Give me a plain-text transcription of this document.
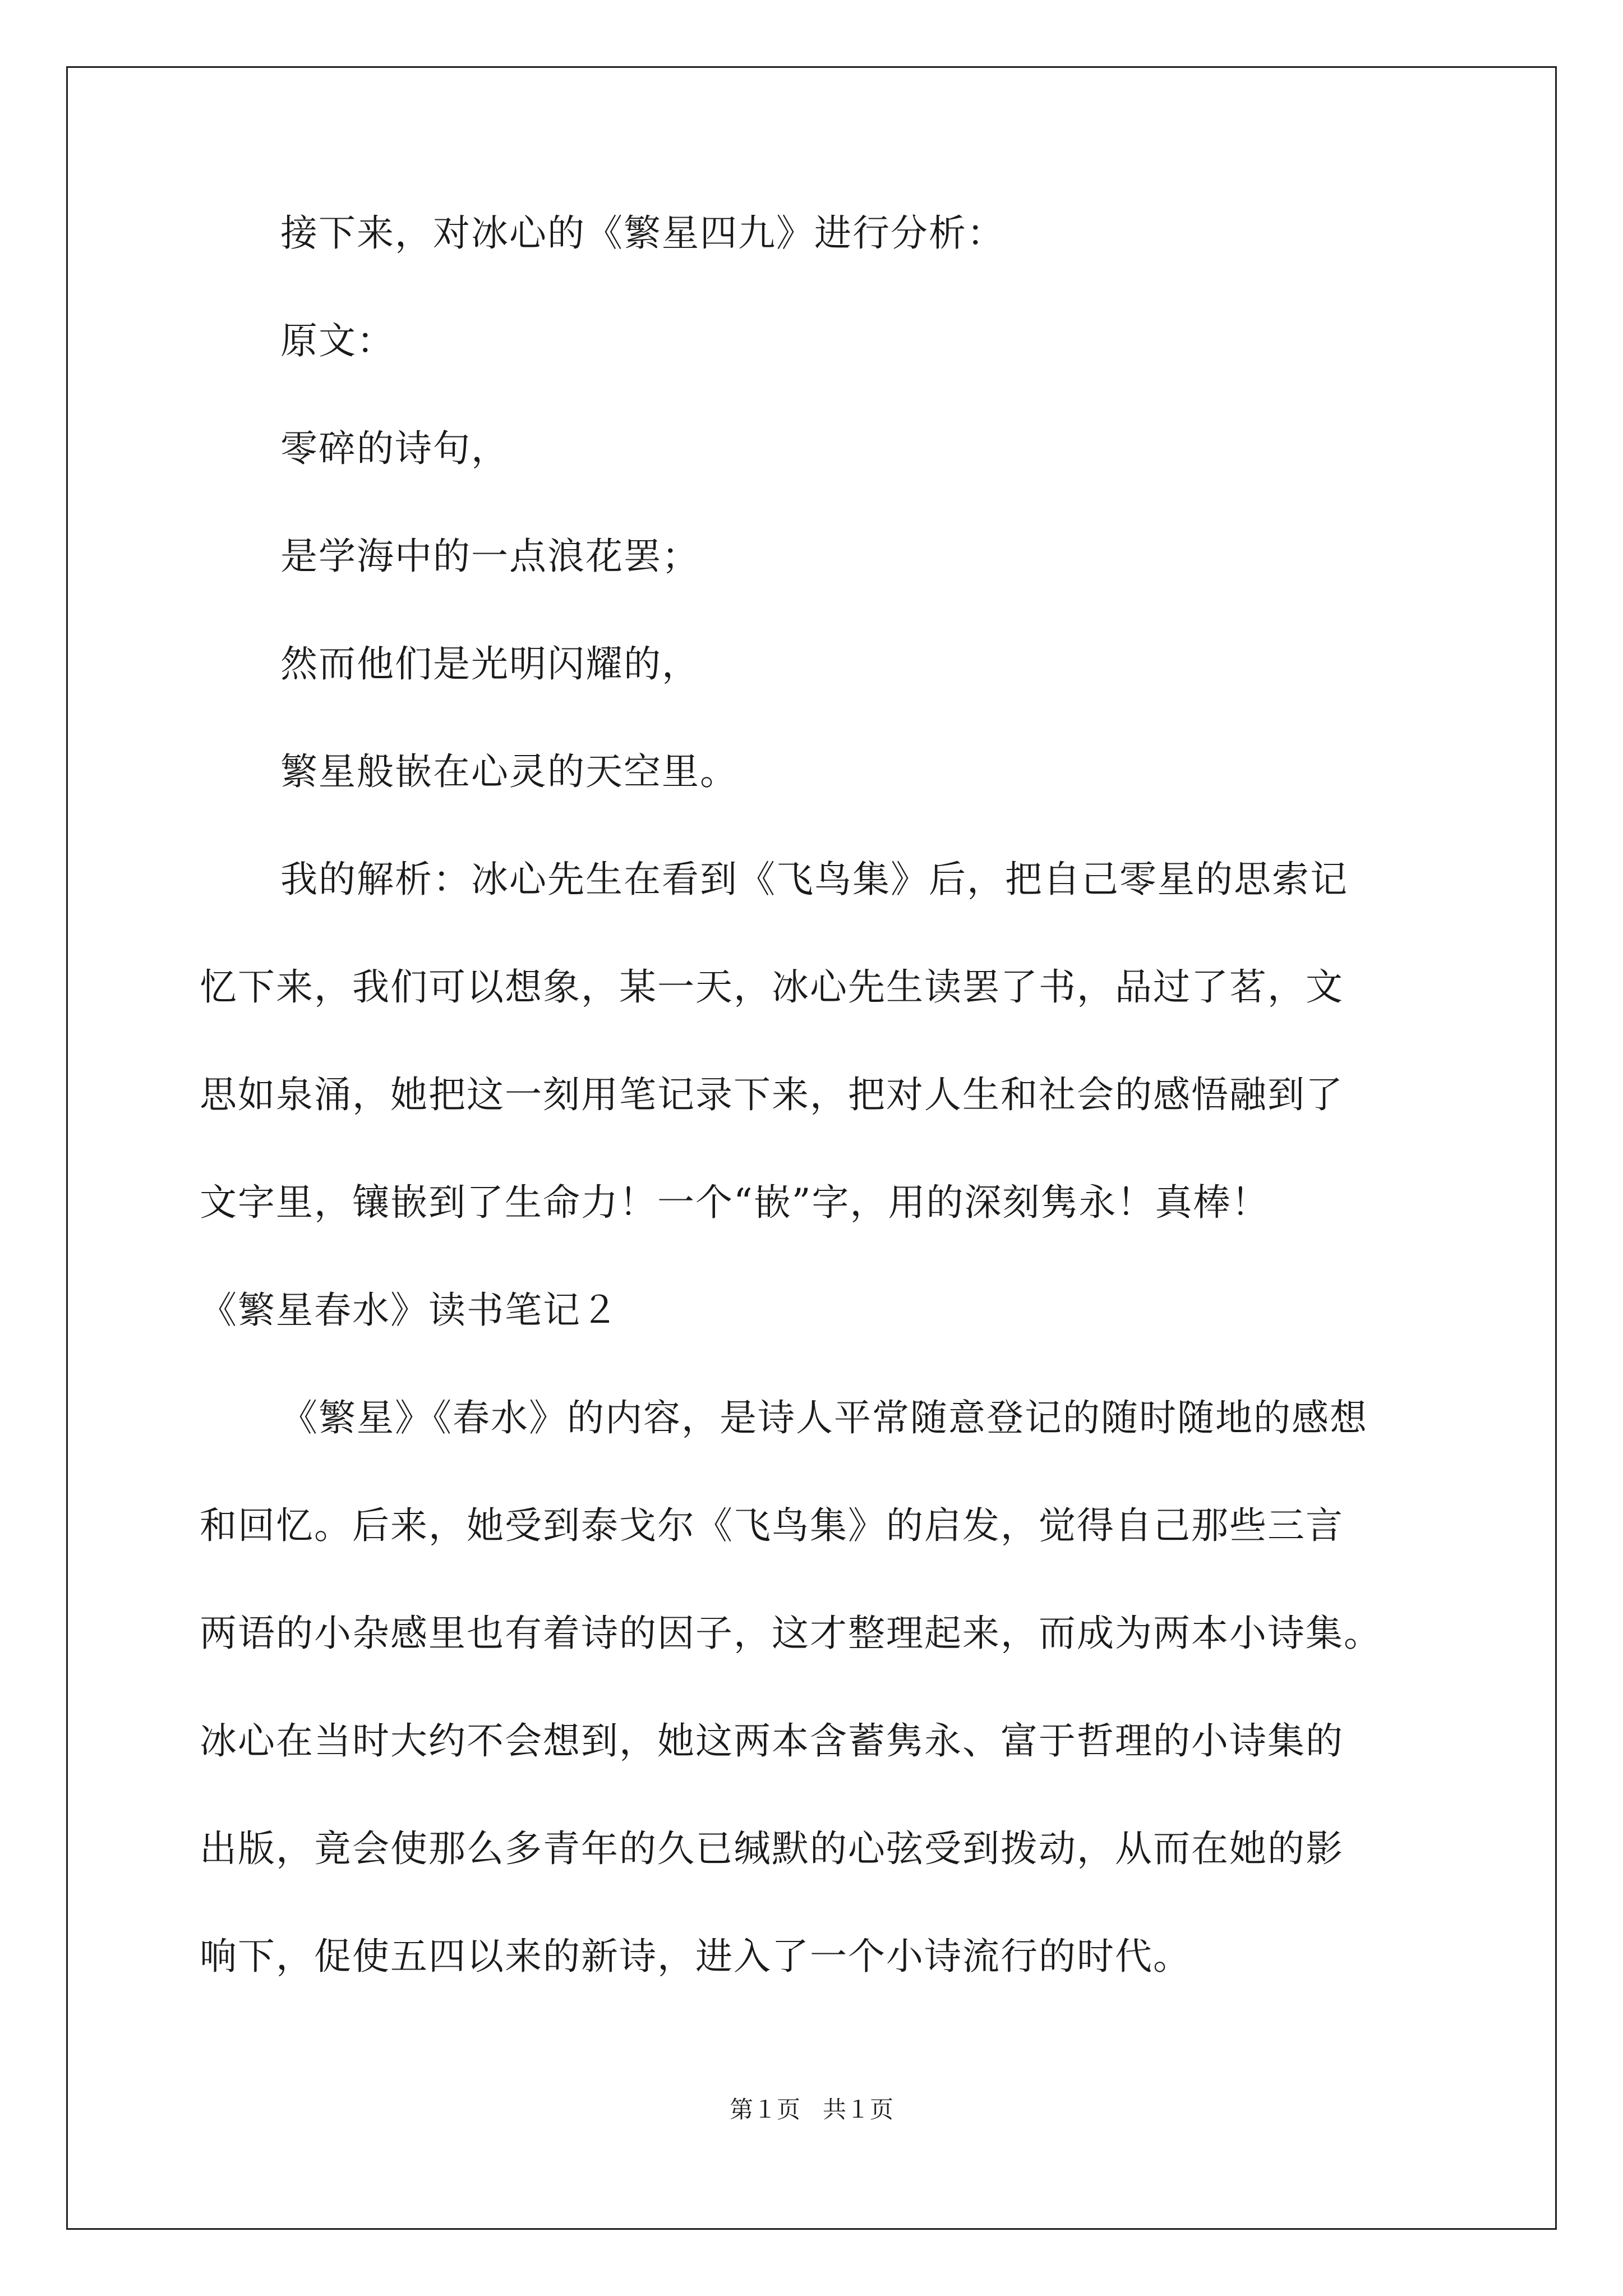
接下来，对冰心的《繁星四九》进行分析：
原文：
零碎的诗句，
是学海中的一点浪花罢；
然而他们是光明闪耀的，
繁星般嵌在心灵的天空里。
我的解析：冰心先生在看到《飞鸟集》后，把自己零星的思索记
忆下来，我们可以想象，某一天，冰心先生读罢了书，品过了茗，文
思如泉涌，她把这一刻用笔记录下来，把对人生和社会的感悟融到了
文字里，镶嵌到了生命力！一个“嵌”字，用的深刻隽永！真棒！
《繁星春水》读书笔记２
《繁星》《春水》的内容，是诗人平常随意登记的随时随地的感想
和回忆。后来，她受到泰戈尔《飞鸟集》的启发，觉得自己那些三言
两语的小杂感里也有着诗的因子，这才整理起来，而成为两本小诗集。
冰心在当时大约不会想到，她这两本含蓄隽永、富于哲理的小诗集的
出版，竟会使那么多青年的久已缄默的心弦受到拨动，从而在她的影
响下，促使五四以来的新诗，进入了一个小诗流行的时代。
第１页   共１页
